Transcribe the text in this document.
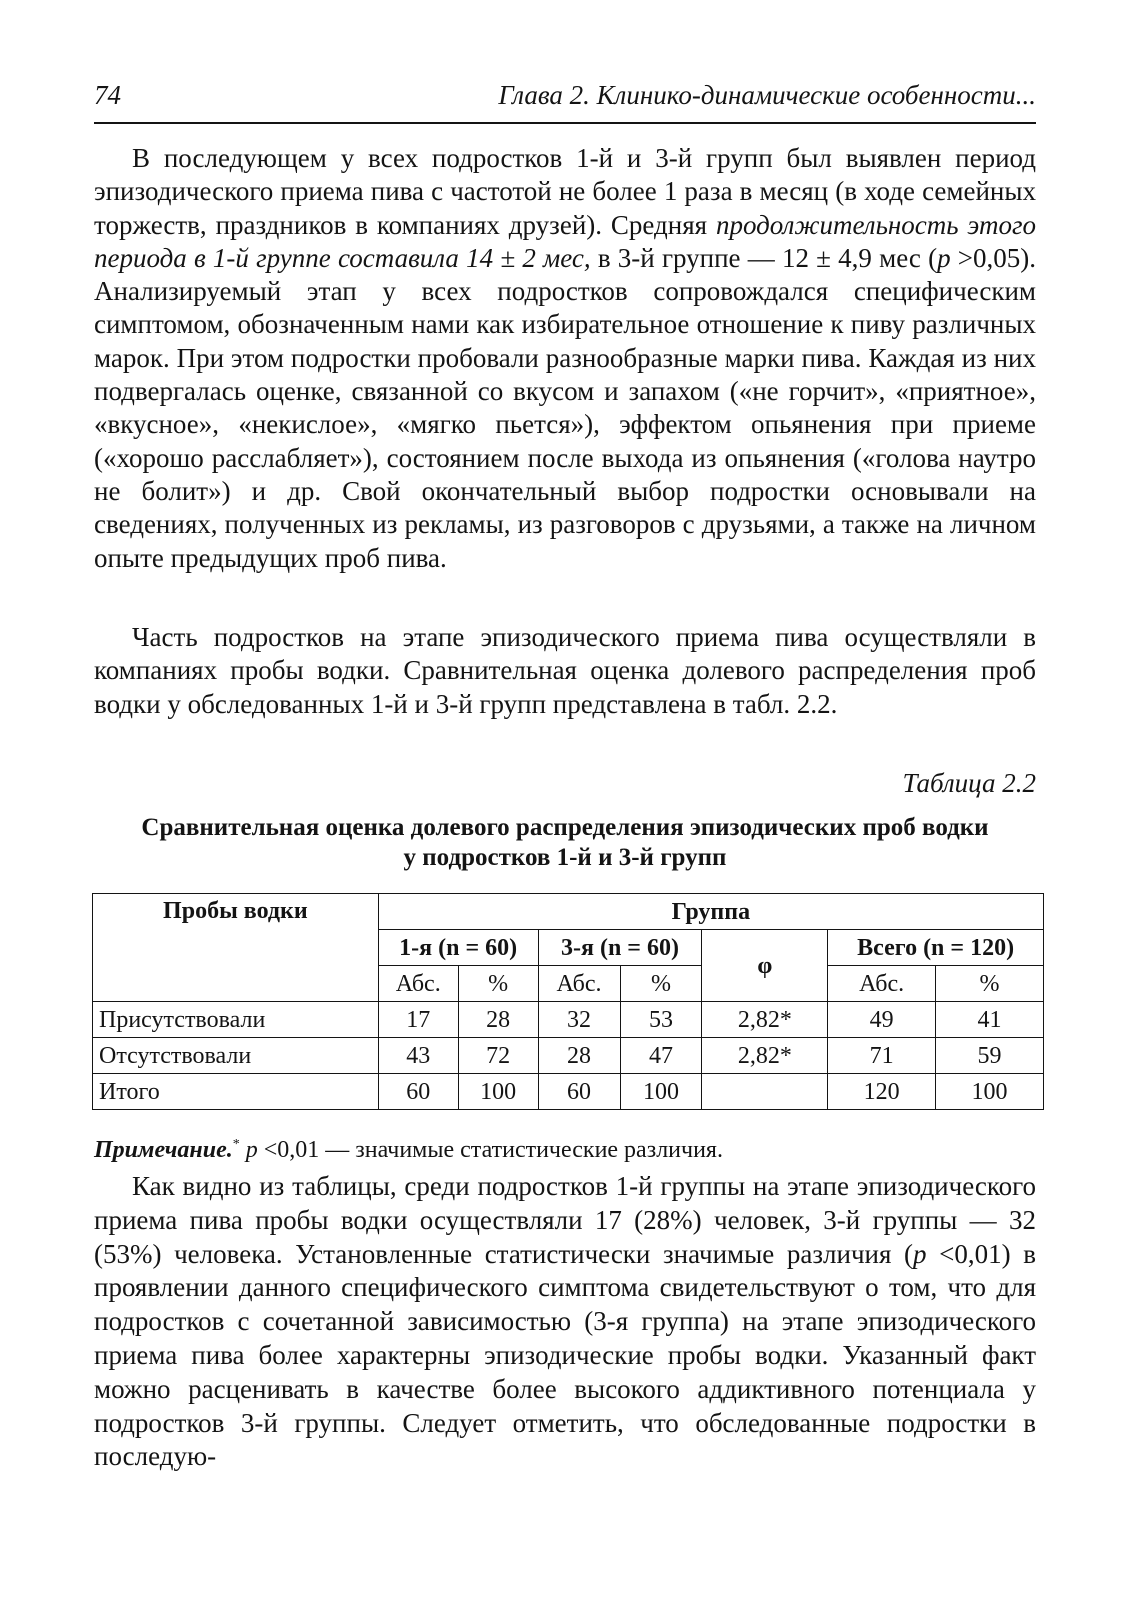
74	Глава 2. Клинико-динамические особенности...

В последующем у всех подростков 1-й и 3-й групп был выявлен период эпизодического приема пива с частотой не более 1 раза в месяц (в ходе семейных торжеств, праздников в компаниях друзей). Средняя продолжительность этого периода в 1-й группе составила 14 ± 2 мес, в 3-й группе — 12 ± 4,9 мес (p >0,05). Анализируемый этап у всех подростков сопровождался специфическим симптомом, обозначенным нами как избирательное отношение к пиву различных марок. При этом подростки пробовали разнообразные марки пива. Каждая из них подвергалась оценке, связанной со вкусом и запахом («не горчит», «приятное», «вкусное», «некислое», «мягко пьется»), эффектом опьянения при приеме («хорошо расслабляет»), состоянием после выхода из опьянения («голова наутро не болит») и др. Свой окончательный выбор подростки основывали на сведениях, полученных из рекламы, из разговоров с друзьями, а также на личном опыте предыдущих проб пива.

Часть подростков на этапе эпизодического приема пива осуществляли в компаниях пробы водки. Сравнительная оценка долевого распределения проб водки у обследованных 1-й и 3-й групп представлена в табл. 2.2.

Таблица 2.2
Сравнительная оценка долевого распределения эпизодических проб водки
у подростков 1-й и 3-й групп
Пробы водки	Группа						
	1-я (n = 60)		3-я (n = 60)		φ	Всего (n = 120)	
	Абс.	%	Абс.	%		Абс.	%
Присутствовали	17	28	32	53	2,82*	49	41
Отсутствовали	43	72	28	47	2,82*	71	59
Итого	60	100	60	100		120	100
Примечание.* p <0,01 — значимые статистические различия.

Как видно из таблицы, среди подростков 1-й группы на этапе эпизодического приема пива пробы водки осуществляли 17 (28%) человек, 3-й группы — 32 (53%) человека. Установленные статистически значимые различия (p <0,01) в проявлении данного специфического симптома свидетельствуют о том, что для подростков с сочетанной зависимостью (3-я группа) на этапе эпизодического приема пива более характерны эпизодические пробы водки. Указанный факт можно расценивать в качестве более высокого аддиктивного потенциала у подростков 3-й группы. Следует отметить, что обследованные подростки в последую-
